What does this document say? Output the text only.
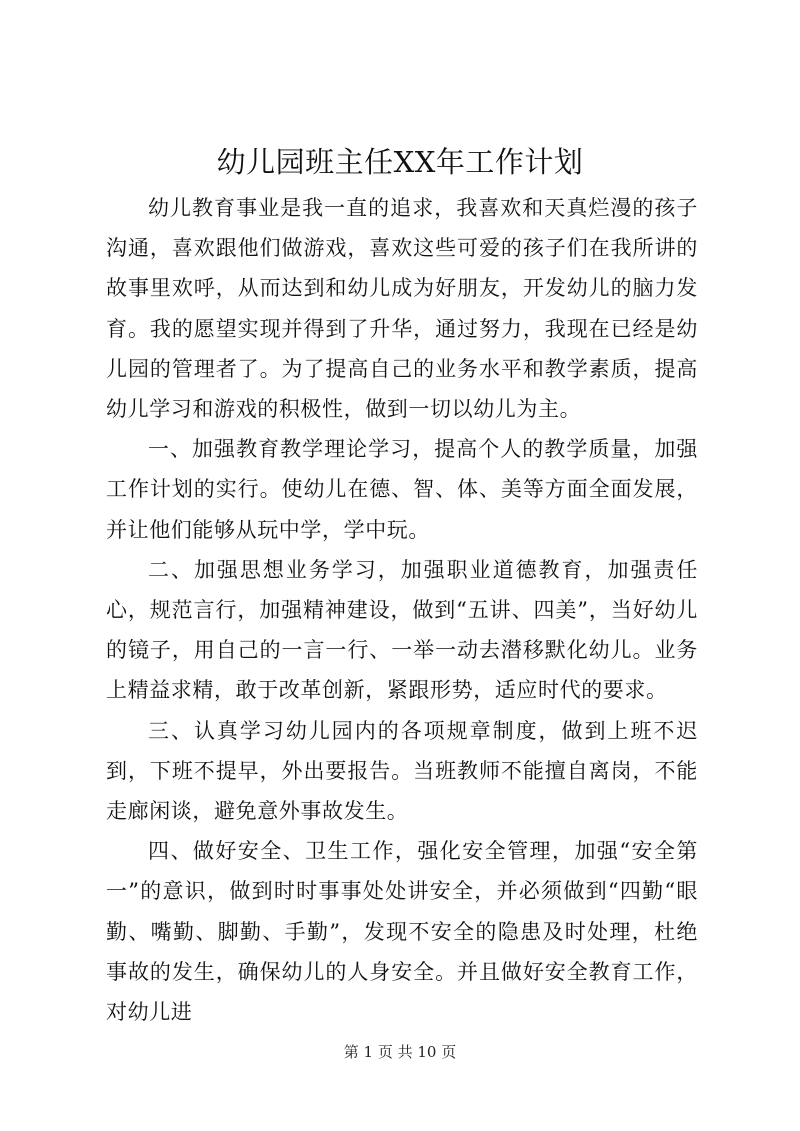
幼儿园班主任XX年工作计划

幼儿教育事业是我一直的追求，我喜欢和天真烂漫的孩子沟通，喜欢跟他们做游戏，喜欢这些可爱的孩子们在我所讲的故事里欢呼，从而达到和幼儿成为好朋友，开发幼儿的脑力发育。我的愿望实现并得到了升华，通过努力，我现在已经是幼儿园的管理者了。为了提高自己的业务水平和教学素质，提高幼儿学习和游戏的积极性，做到一切以幼儿为主。

一、加强教育教学理论学习，提高个人的教学质量，加强工作计划的实行。使幼儿在德、智、体、美等方面全面发展，并让他们能够从玩中学，学中玩。

二、加强思想业务学习，加强职业道德教育，加强责任心，规范言行，加强精神建设，做到“五讲、四美”，当好幼儿的镜子，用自己的一言一行、一举一动去潜移默化幼儿。业务上精益求精，敢于改革创新，紧跟形势，适应时代的要求。

三、认真学习幼儿园内的各项规章制度，做到上班不迟到，下班不提早，外出要报告。当班教师不能擅自离岗，不能走廊闲谈，避免意外事故发生。

四、做好安全、卫生工作，强化安全管理，加强“安全第一”的意识，做到时时事事处处讲安全，并必须做到“四勤“眼勤、嘴勤、脚勤、手勤”，发现不安全的隐患及时处理，杜绝事故的发生，确保幼儿的人身安全。并且做好安全教育工作，对幼儿进

第 1 页 共 10 页
